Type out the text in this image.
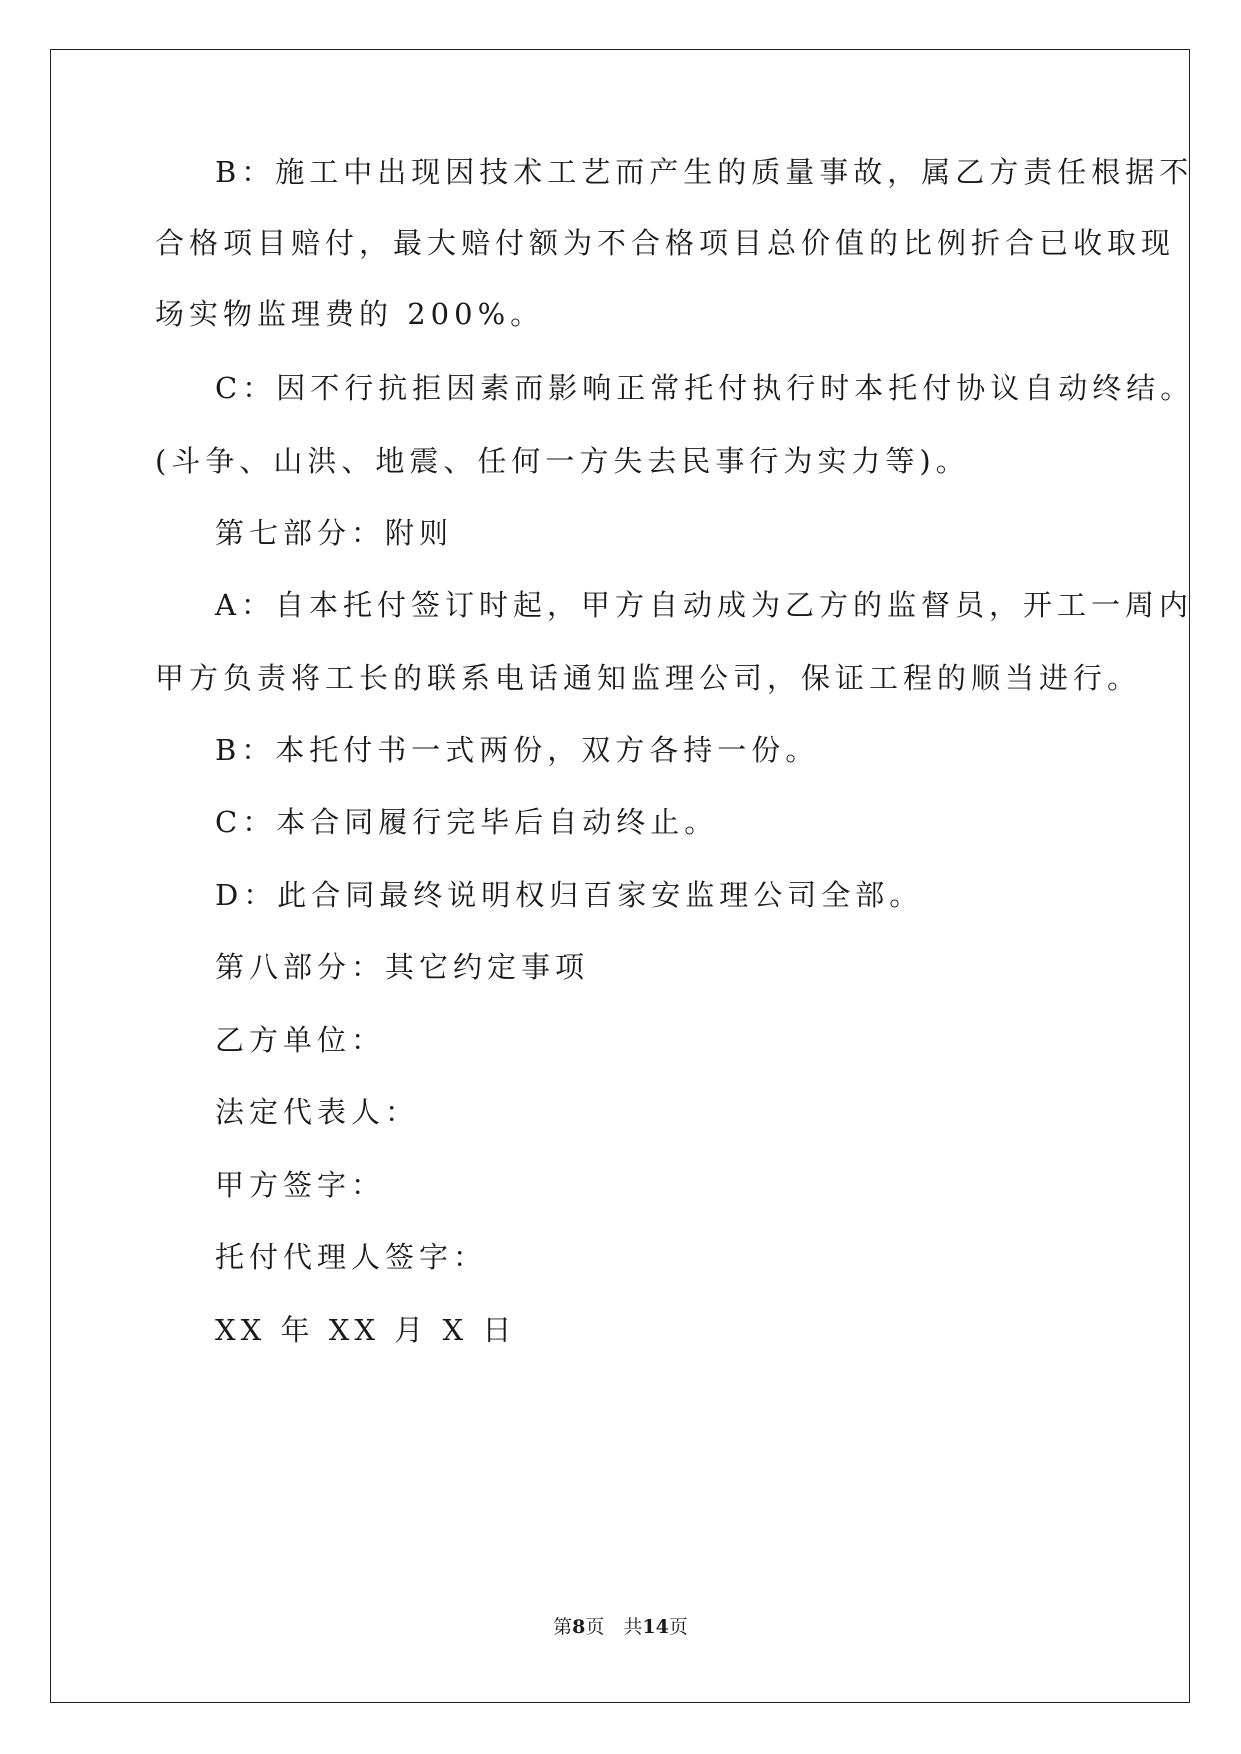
B：施工中出现因技术工艺而产生的质量事故，属乙方责任根据不
合格项目赔付，最大赔付额为不合格项目总价值的比例折合已收取现
场实物监理费的 200%。
C：因不行抗拒因素而影响正常托付执行时本托付协议自动终结。
(斗争、山洪、地震、任何一方失去民事行为实力等)。
第七部分：附则
A：自本托付签订时起，甲方自动成为乙方的监督员，开工一周内
甲方负责将工长的联系电话通知监理公司，保证工程的顺当进行。
B：本托付书一式两份，双方各持一份。
C：本合同履行完毕后自动终止。
D：此合同最终说明权归百家安监理公司全部。
第八部分：其它约定事项
乙方单位：
法定代表人：
甲方签字：
托付代理人签字：
XX 年 XX 月 X 日
第8页　共14页
